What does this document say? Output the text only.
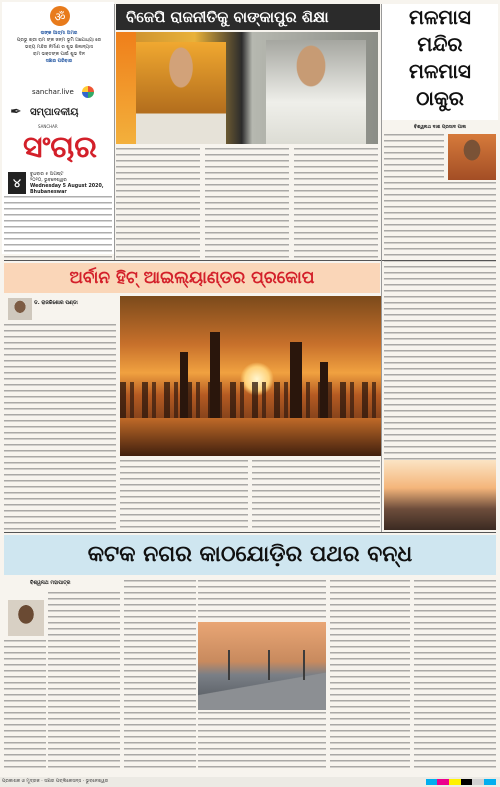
ॐ
ତାଙ୍କ ଆତ୍ମା ଅମର
ପ୍ରଭୁ ଶ୍ରୀ ରାମ ଙ୍କ ଜନ୍ମ ଭୂମି ଅଯୋଧ୍ୟା ରେ
ଭବ୍ୟ ମନ୍ଦିର ନିର୍ମାଣ ର ଶୁଭ ଶିଳାନ୍ୟାସ
ରାମ ଭକ୍ତଙ୍କ ପାଇଁ ଶୁଭ ଦିନ
ସଞ୍ଚାର ପରିବାର
sanchar.live
✒ ସମ୍ପାଦକୀୟ
SANCHAR
ସଂଚାର
୪
ବୁଧବାର ୫ ଅଗଷ୍ଟ
୨୦୨୦, ଭୁବନେଶ୍ୱର
Wednesday 5 August 2020,
Bhubaneswar
ବିଜେପି ରାଜନୀତିକୁ ବାଙ୍କାପୁର ଶିକ୍ଷା	ମଳମାସ
ମନ୍ଦିର
ମଳମାସ
ଠାକୁର
ବିଶ୍ୱନାଥ ଦାଶ ପ୍ରସାଦ ପାଲ
ଅର୍ବାନ ହିଟ୍ ଆଇଲ୍ୟାଣ୍ଡର ପ୍ରକୋପ
ଡ. ରାଜକିଶୋର ପଣ୍ଡା
କଟକ ନଗର କାଠଯୋଡ଼ିର ପଥର ବନ୍ଧ
ବିଶ୍ୱନାଥ ମହାପାତ୍ର
ପ୍ରକାଶକ ଓ ମୁଦ୍ରକ · ସଞ୍ଚାର ପବ୍ଲିକେସନ୍ସ · ଭୁବନେଶ୍ୱର
